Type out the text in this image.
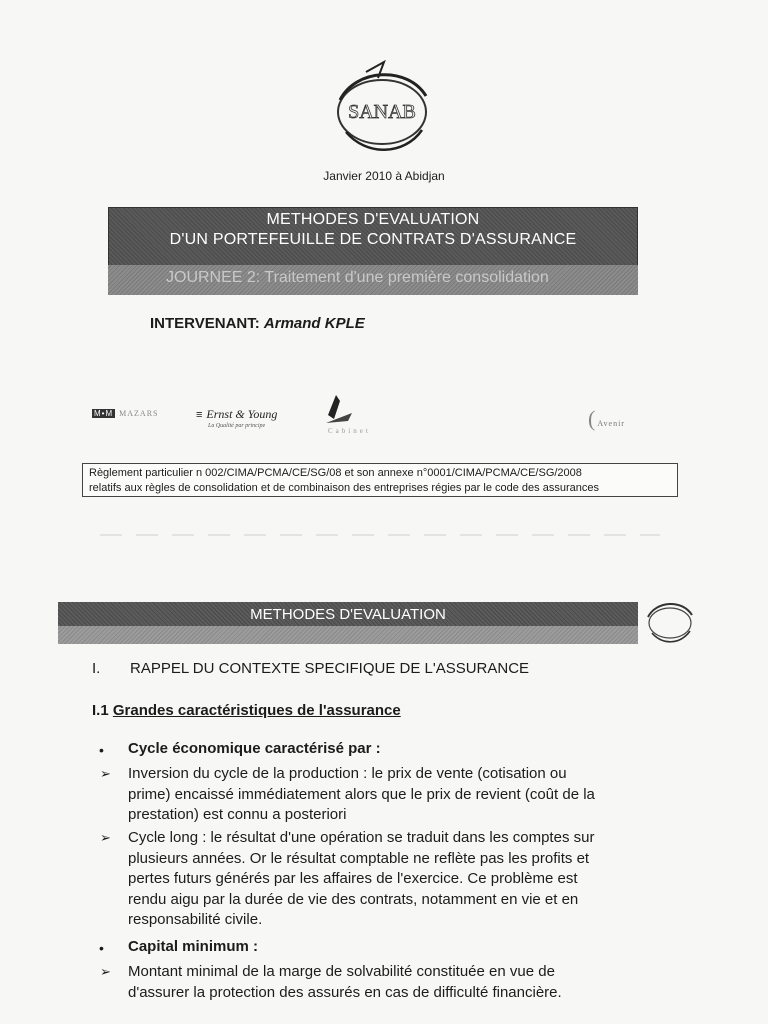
SANAB
Janvier 2010 à Abidjan
METHODES D'EVALUATION
D'UN PORTEFEUILLE DE CONTRATS D'ASSURANCE
JOURNEE 2: Traitement d'une première consolidation
INTERVENANT: Armand KPLE
M•M MAZARS	≡ Ernst & Young
La Qualité par principe
Cabinet	( Avenir
Règlement particulier n 002/CIMA/PCMA/CE/SG/08 et son annexe n°0001/CIMA/PCMA/CE/SG/2008
relatifs aux règles de consolidation et de combinaison des entreprises régies par le code des assurances
METHODES D'EVALUATION
I. RAPPEL DU CONTEXTE SPECIFIQUE DE L'ASSURANCE
I.1 Grandes caractéristiques de l'assurance
• Cycle économique caractérisé par :
➢ Inversion du cycle de la production : le prix de vente (cotisation ou
prime) encaissé immédiatement alors que le prix de revient (coût de la
prestation) est connu a posteriori
➢ Cycle long : le résultat d'une opération se traduit dans les comptes sur
plusieurs années. Or le résultat comptable ne reflète pas les profits et
pertes futurs générés par les affaires de l'exercice. Ce problème est
rendu aigu par la durée de vie des contrats, notamment en vie et en
responsabilité civile.
• Capital minimum :
➢ Montant minimal de la marge de solvabilité constituée en vue de
d'assurer la protection des assurés en cas de difficulté financière.
